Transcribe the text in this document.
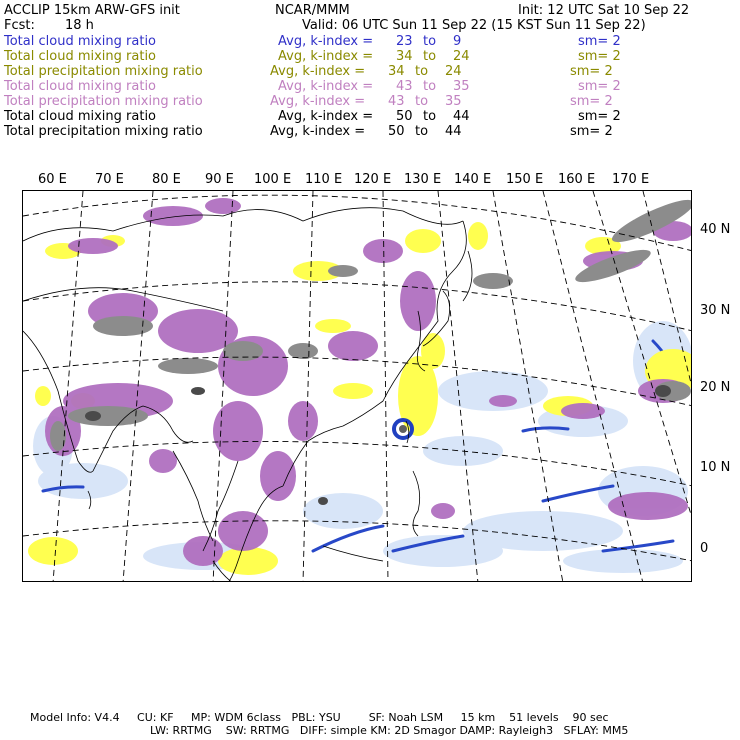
ACCLIP 15km ARW-GFS init	NCAR/MMM	Init: 12 UTC Sat 10 Sep 22
Fcst: 18 h	Valid: 06 UTC Sun 11 Sep 22 (15 KST Sun 11 Sep 22)
Total cloud mixing ratio	Avg, k-index = 23 to 9	sm= 2
Total cloud mixing ratio	Avg, k-index = 34 to 24	sm= 2
Total precipitation mixing ratio	Avg, k-index = 34 to 24	sm= 2
Total cloud mixing ratio	Avg, k-index = 43 to 35	sm= 2
Total precipitation mixing ratio	Avg, k-index = 43 to 35	sm= 2
Total cloud mixing ratio	Avg, k-index = 50 to 44	sm= 2
Total precipitation mixing ratio	Avg, k-index = 50 to 44	sm= 2
60 E 70 E 80 E 90 E 100 E 110 E 120 E 130 E 140 E 150 E 160 E 170 E
40 N
30 N
20 N
10 N
0
Model Info: V4.4     CU: KF     MP: WDM 6class   PBL: YSU        SF: Noah LSM     15 km    51 levels    90 sec
LW: RRTMG    SW: RRTMG   DIFF: simple KM: 2D Smagor DAMP: Rayleigh3   SFLAY: MM5
